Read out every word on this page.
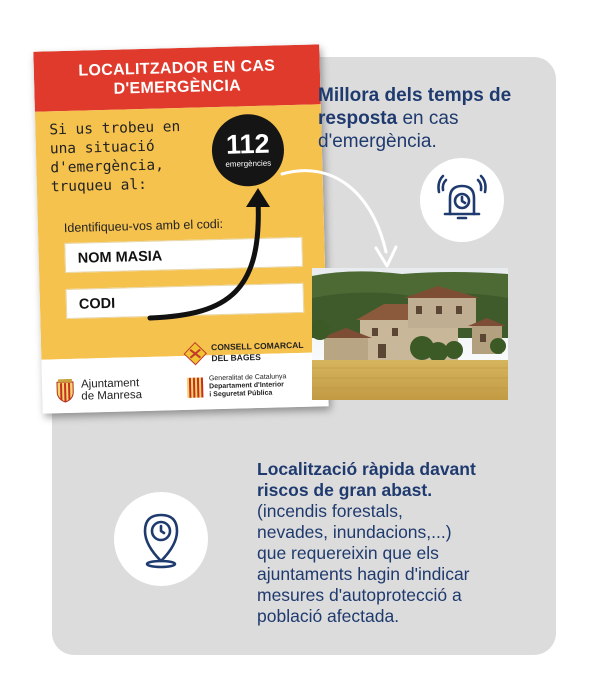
LOCALITZADOR EN CAS
D'EMERGÈNCIA
Si us trobeu en
una situació
d'emergència,
truqueu al:
112
emergències
Identifiqueu-vos amb el codi:
NOM MASIA
CODI
Ajuntament
de Manresa
CONSELL COMARCAL
DEL BAGES
Generalitat de Catalunya
Departament d'Interior
i Seguretat Pública
Millora dels temps de
resposta en cas
d'emergència.
Localització ràpida davant
riscos de gran abast.
(incendis forestals,
nevades, inundacions,...)
que requereixin que els
ajuntaments hagin d'indicar
mesures d'autoprotecció a
població afectada.
